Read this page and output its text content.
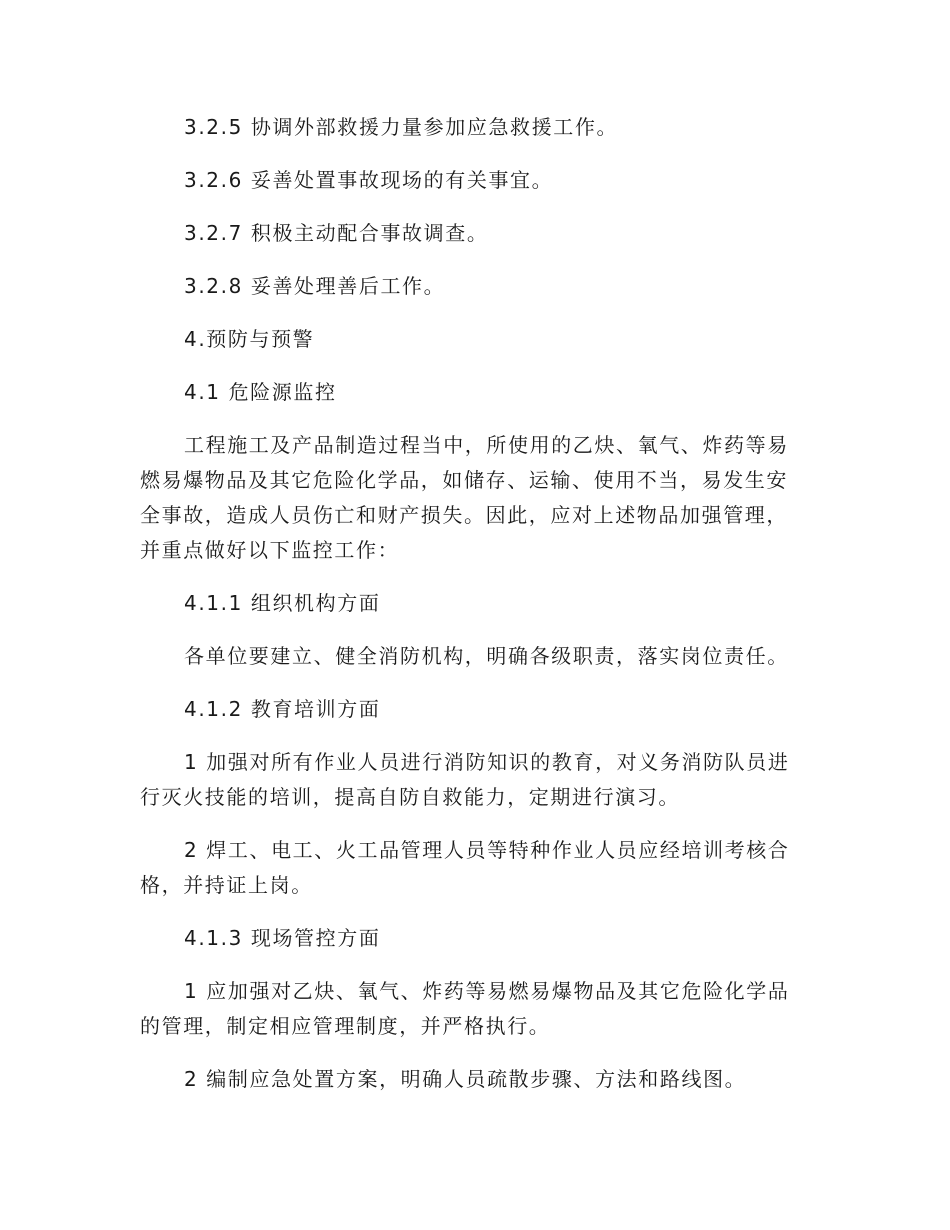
3.2.5 协调外部救援力量参加应急救援工作。

3.2.6 妥善处置事故现场的有关事宜。

3.2.7 积极主动配合事故调查。

3.2.8 妥善处理善后工作。

4.预防与预警

4.1 危险源监控

工程施工及产品制造过程当中，所使用的乙炔、氧气、炸药等易燃易爆物品及其它危险化学品，如储存、运输、使用不当，易发生安全事故，造成人员伤亡和财产损失。因此，应对上述物品加强管理，并重点做好以下监控工作：

4.1.1 组织机构方面

各单位要建立、健全消防机构，明确各级职责，落实岗位责任。

4.1.2 教育培训方面

1 加强对所有作业人员进行消防知识的教育，对义务消防队员进行灭火技能的培训，提高自防自救能力，定期进行演习。

2 焊工、电工、火工品管理人员等特种作业人员应经培训考核合格，并持证上岗。

4.1.3 现场管控方面

1 应加强对乙炔、氧气、炸药等易燃易爆物品及其它危险化学品的管理，制定相应管理制度，并严格执行。

2 编制应急处置方案，明确人员疏散步骤、方法和路线图。
